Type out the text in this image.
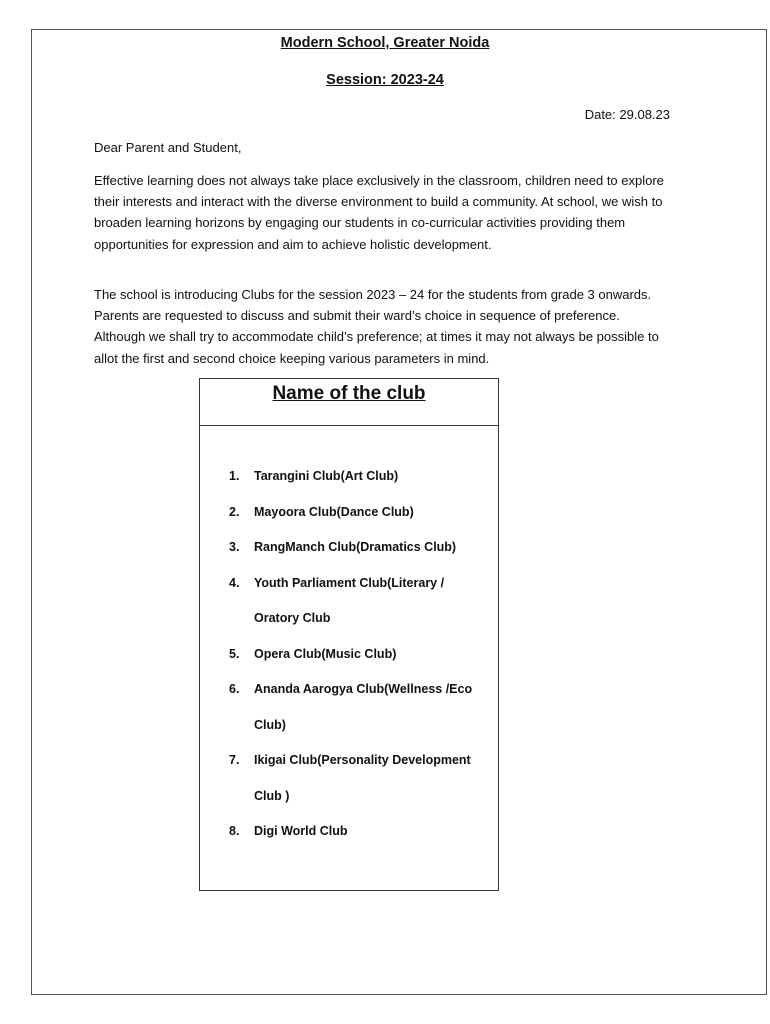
Modern School, Greater Noida
Session: 2023-24
Date: 29.08.23
Dear Parent and Student,

Effective learning does not always take place exclusively in the classroom, children need to explore their interests and interact with the diverse environment to build a community. At school, we wish to broaden learning horizons by engaging our students in co-curricular activities providing them opportunities for expression and aim to achieve holistic development.

The school is introducing Clubs for the session 2023 – 24 for the students from grade 3 onwards. Parents are requested to discuss and submit their ward’s choice in sequence of preference. Although we shall try to accommodate child’s preference; at times it may not always be possible to allot the first and second choice keeping various parameters in mind.

Name of the club
1. Tarangini Club(Art Club)
2. Mayoora Club(Dance Club)
3. RangManch Club(Dramatics Club)
4. Youth Parliament Club(Literary /
Oratory Club
5. Opera Club(Music Club)
6. Ananda Aarogya Club(Wellness /Eco
Club)
7. Ikigai Club(Personality Development
Club )
8. Digi World Club
